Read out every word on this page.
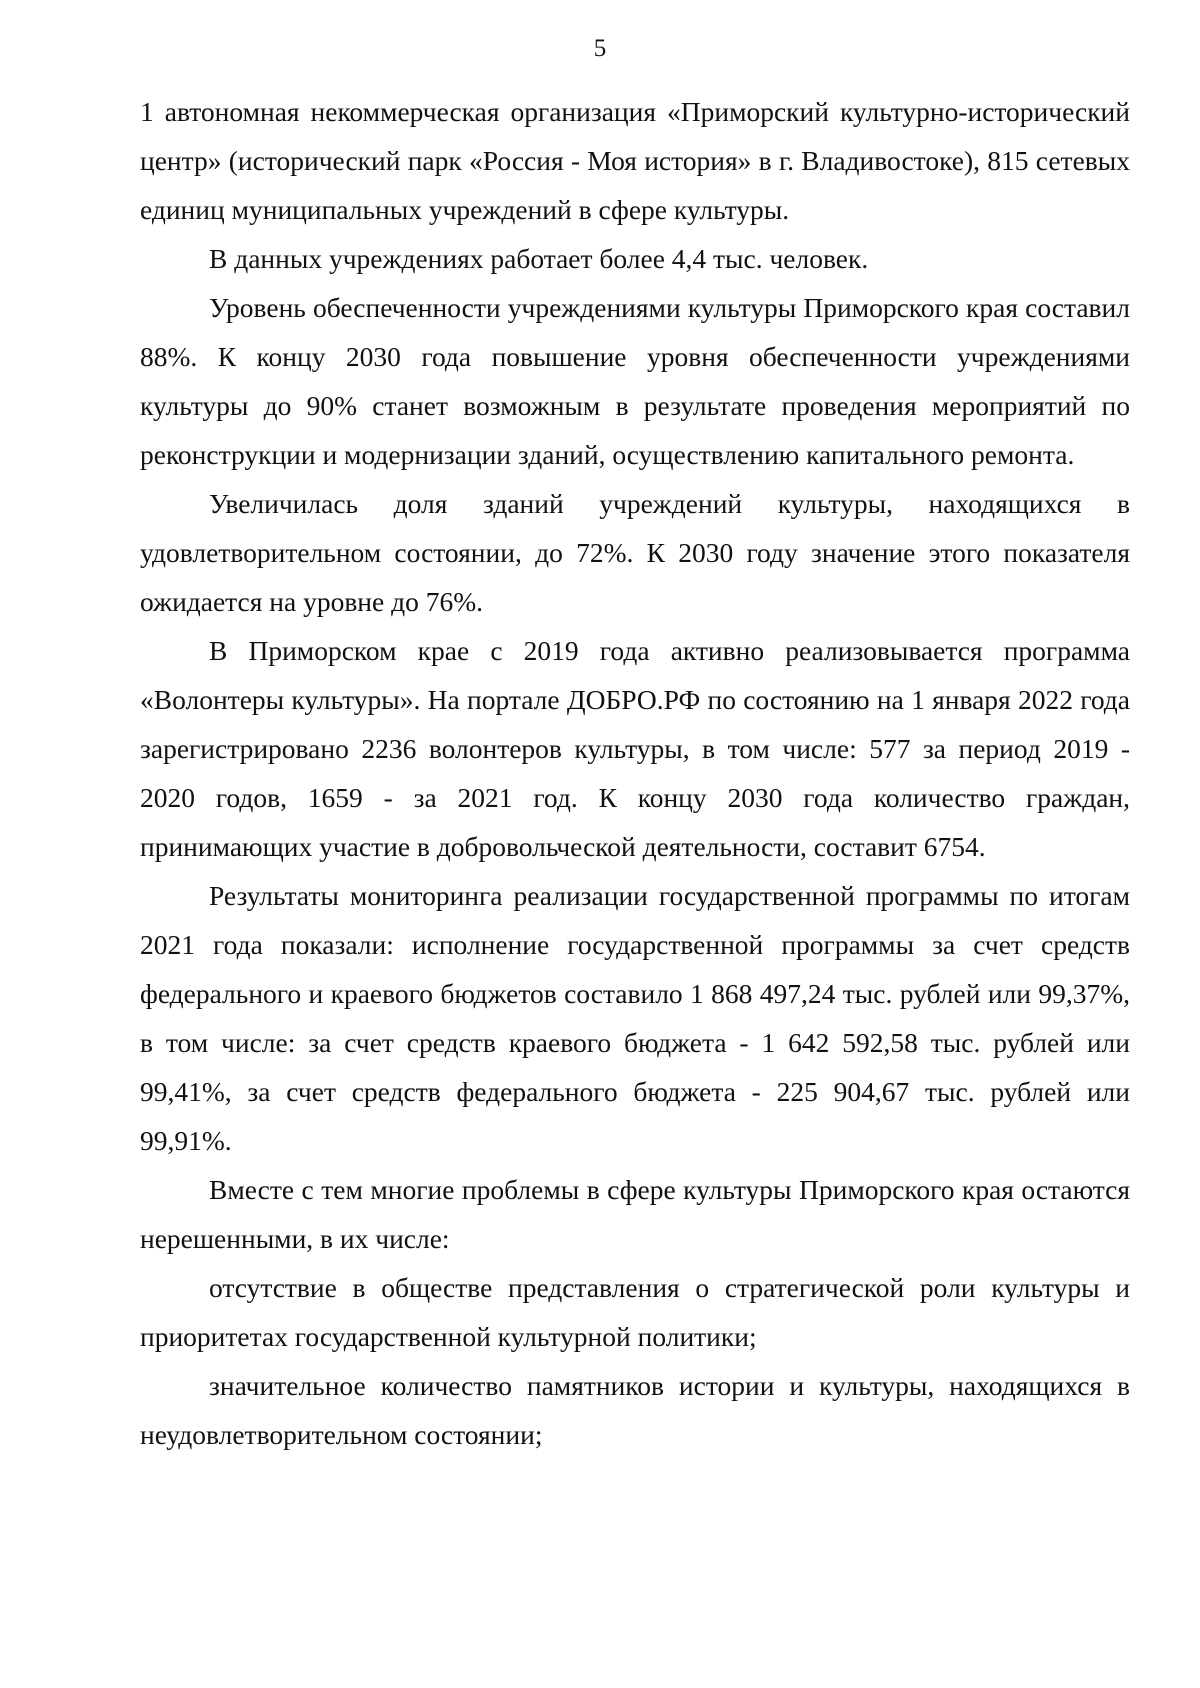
5

1 автономная некоммерческая организация «Приморский культурно-исторический центр» (исторический парк «Россия - Моя история» в г. Владивостоке), 815 сетевых единиц муниципальных учреждений в сфере культуры.

В данных учреждениях работает более 4,4 тыс. человек.

Уровень обеспеченности учреждениями культуры Приморского края составил 88%. К концу 2030 года повышение уровня обеспеченности учреждениями культуры до 90% станет возможным в результате проведения мероприятий по реконструкции и модернизации зданий, осуществлению капитального ремонта.

Увеличилась доля зданий учреждений культуры, находящихся в удовлетворительном состоянии, до 72%. К 2030 году значение этого показателя ожидается на уровне до 76%.

В Приморском крае с 2019 года активно реализовывается программа «Волонтеры культуры». На портале ДОБРО.РФ по состоянию на 1 января 2022 года зарегистрировано 2236 волонтеров культуры, в том числе: 577 за период 2019 - 2020 годов, 1659 - за 2021 год. К концу 2030 года количество граждан, принимающих участие в добровольческой деятельности, составит 6754.

Результаты мониторинга реализации государственной программы по итогам 2021 года показали: исполнение государственной программы за счет средств федерального и краевого бюджетов составило 1 868 497,24 тыс. рублей или 99,37%, в том числе: за счет средств краевого бюджета - 1 642 592,58 тыс. рублей или 99,41%, за счет средств федерального бюджета - 225 904,67 тыс. рублей или 99,91%.

Вместе с тем многие проблемы в сфере культуры Приморского края остаются нерешенными, в их числе:

отсутствие в обществе представления о стратегической роли культуры и приоритетах государственной культурной политики;

значительное количество памятников истории и культуры, находящихся в неудовлетворительном состоянии;
